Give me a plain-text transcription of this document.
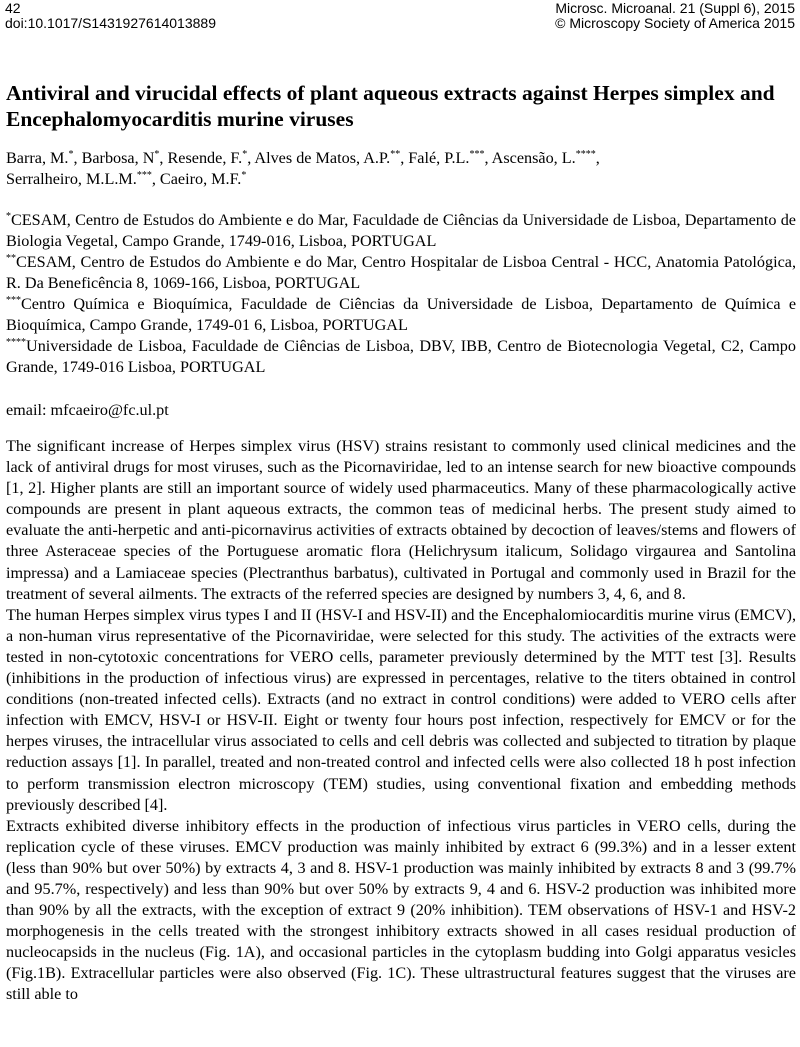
42	Microsc. Microanal. 21 (Suppl 6), 2015
doi:10.1017/S1431927614013889	© Microscopy Society of America 2015
Antiviral and virucidal effects of plant aqueous extracts against Herpes simplex and Encephalomyocarditis murine viruses

Barra, M.*, Barbosa, N*, Resende, F.*, Alves de Matos, A.P.**, Falé, P.L.***, Ascensão, L.****,
Serralheiro, M.L.M.***, Caeiro, M.F.*

*CESAM, Centro de Estudos do Ambiente e do Mar, Faculdade de Ciências da Universidade de Lisboa, Departamento de Biologia Vegetal, Campo Grande, 1749-016, Lisboa, PORTUGAL

**CESAM, Centro de Estudos do Ambiente e do Mar, Centro Hospitalar de Lisboa Central - HCC, Anatomia Patológica, R. Da Beneficência 8, 1069-166, Lisboa, PORTUGAL

***Centro Química e Bioquímica, Faculdade de Ciências da Universidade de Lisboa, Departamento de Química e Bioquímica, Campo Grande, 1749-01 6, Lisboa, PORTUGAL

****Universidade de Lisboa, Faculdade de Ciências de Lisboa, DBV, IBB, Centro de Biotecnologia Vegetal, C2, Campo Grande, 1749-016 Lisboa, PORTUGAL

email: mfcaeiro@fc.ul.pt

The significant increase of Herpes simplex virus (HSV) strains resistant to commonly used clinical medicines and the lack of antiviral drugs for most viruses, such as the Picornaviridae, led to an intense search for new bioactive compounds [1, 2]. Higher plants are still an important source of widely used pharmaceutics. Many of these pharmacologically active compounds are present in plant aqueous extracts, the common teas of medicinal herbs. The present study aimed to evaluate the anti-herpetic and anti-picornavirus activities of extracts obtained by decoction of leaves/stems and flowers of three Asteraceae species of the Portuguese aromatic flora (Helichrysum italicum, Solidago virgaurea and Santolina impressa) and a Lamiaceae species (Plectranthus barbatus), cultivated in Portugal and commonly used in Brazil for the treatment of several ailments. The extracts of the referred species are designed by numbers 3, 4, 6, and 8.

The human Herpes simplex virus types I and II (HSV-I and HSV-II) and the Encephalomiocarditis murine virus (EMCV), a non-human virus representative of the Picornaviridae, were selected for this study. The activities of the extracts were tested in non-cytotoxic concentrations for VERO cells, parameter previously determined by the MTT test [3]. Results (inhibitions in the production of infectious virus) are expressed in percentages, relative to the titers obtained in control conditions (non-treated infected cells). Extracts (and no extract in control conditions) were added to VERO cells after infection with EMCV, HSV-I or HSV-II. Eight or twenty four hours post infection, respectively for EMCV or for the herpes viruses, the intracellular virus associated to cells and cell debris was collected and subjected to titration by plaque reduction assays [1]. In parallel, treated and non-treated control and infected cells were also collected 18 h post infection to perform transmission electron microscopy (TEM) studies, using conventional fixation and embedding methods previously described [4].

Extracts exhibited diverse inhibitory effects in the production of infectious virus particles in VERO cells, during the replication cycle of these viruses. EMCV production was mainly inhibited by extract 6 (99.3%) and in a lesser extent (less than 90% but over 50%) by extracts 4, 3 and 8. HSV-1 production was mainly inhibited by extracts 8 and 3 (99.7% and 95.7%, respectively) and less than 90% but over 50% by extracts 9, 4 and 6. HSV-2 production was inhibited more than 90% by all the extracts, with the exception of extract 9 (20% inhibition). TEM observations of HSV-1 and HSV-2 morphogenesis in the cells treated with the strongest inhibitory extracts showed in all cases residual production of nucleocapsids in the nucleus (Fig. 1A), and occasional particles in the cytoplasm budding into Golgi apparatus vesicles (Fig.1B). Extracellular particles were also observed (Fig. 1C). These ultrastructural features suggest that the viruses are still able to
